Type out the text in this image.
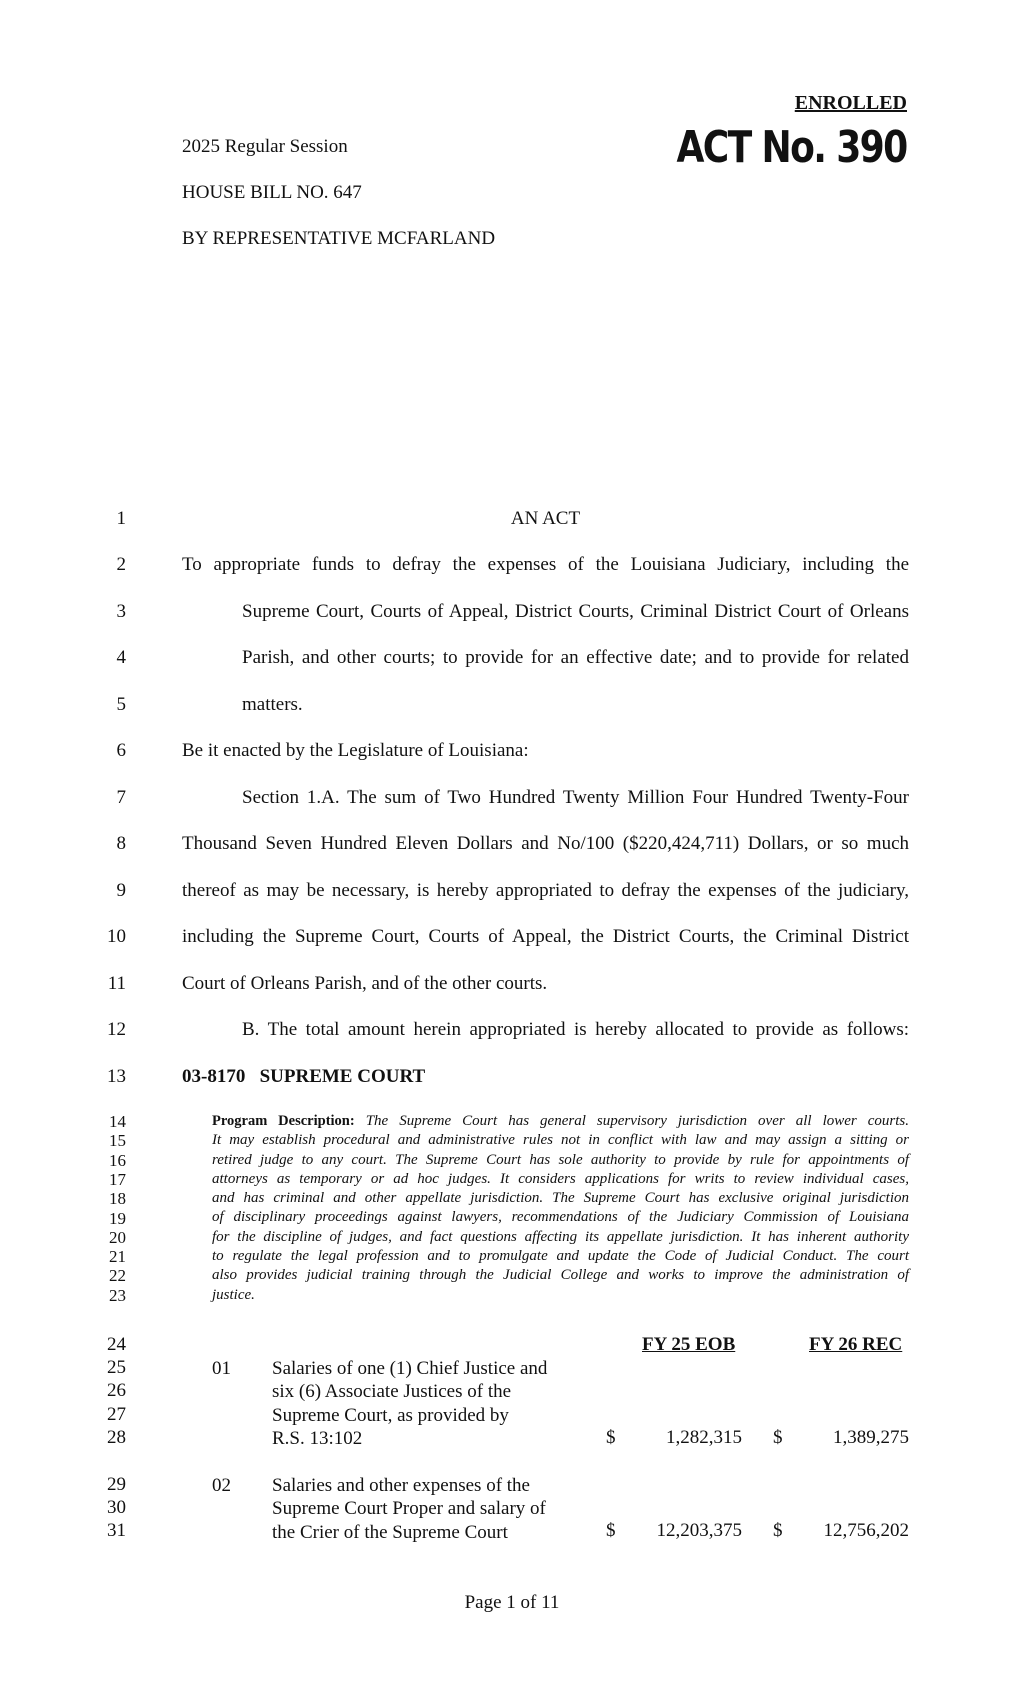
ENROLLED
ACT No. 390
2025 Regular Session
HOUSE BILL NO. 647
BY REPRESENTATIVE MCFARLAND
1
2
3
4
5
6
7
8
9
10
11
12
13
AN ACT
To appropriate funds to defray the expenses of the Louisiana Judiciary, including the
Supreme Court, Courts of Appeal, District Courts, Criminal District Court of Orleans
Parish, and other courts; to provide for an effective date; and to provide for related
matters.
Be it enacted by the Legislature of Louisiana:
Section 1.A. The sum of Two Hundred Twenty Million Four Hundred Twenty-Four
Thousand Seven Hundred Eleven Dollars and No/100 ($220,424,711) Dollars, or so much
thereof as may be necessary, is hereby appropriated to defray the expenses of the judiciary,
including the Supreme Court, Courts of Appeal, the District Courts, the Criminal District
Court of Orleans Parish, and of the other courts.
B. The total amount herein appropriated is hereby allocated to provide as follows:
03-8170   SUPREME COURT
14
15
16
17
18
19
20
21
22
23
Program Description: The Supreme Court has general supervisory jurisdiction over all lower courts.
It may establish procedural and administrative rules not in conflict with law and may assign a sitting or
retired judge to any court. The Supreme Court has sole authority to provide by rule for appointments of
attorneys as temporary or ad hoc judges. It considers applications for writs to review individual cases,
and has criminal and other appellate jurisdiction. The Supreme Court has exclusive original jurisdiction
of disciplinary proceedings against lawyers, recommendations of the Judiciary Commission of Louisiana
for the discipline of judges, and fact questions affecting its appellate jurisdiction. It has inherent authority
to regulate the legal profession and to promulgate and update the Code of Judicial Conduct. The court
also provides judicial training through the Judicial College and works to improve the administration of
justice.
24
25
26
27
28
29
30
31
FY 25 EOB	FY 26 REC
01 Salaries of one (1) Chief Justice and
six (6) Associate Justices of the
Supreme Court, as provided by
R.S. 13:102	$	1,282,315 $	1,389,275
02 Salaries and other expenses of the
Supreme Court Proper and salary of
the Crier of the Supreme Court	$	12,203,375 $	12,756,202
Page 1 of 11
